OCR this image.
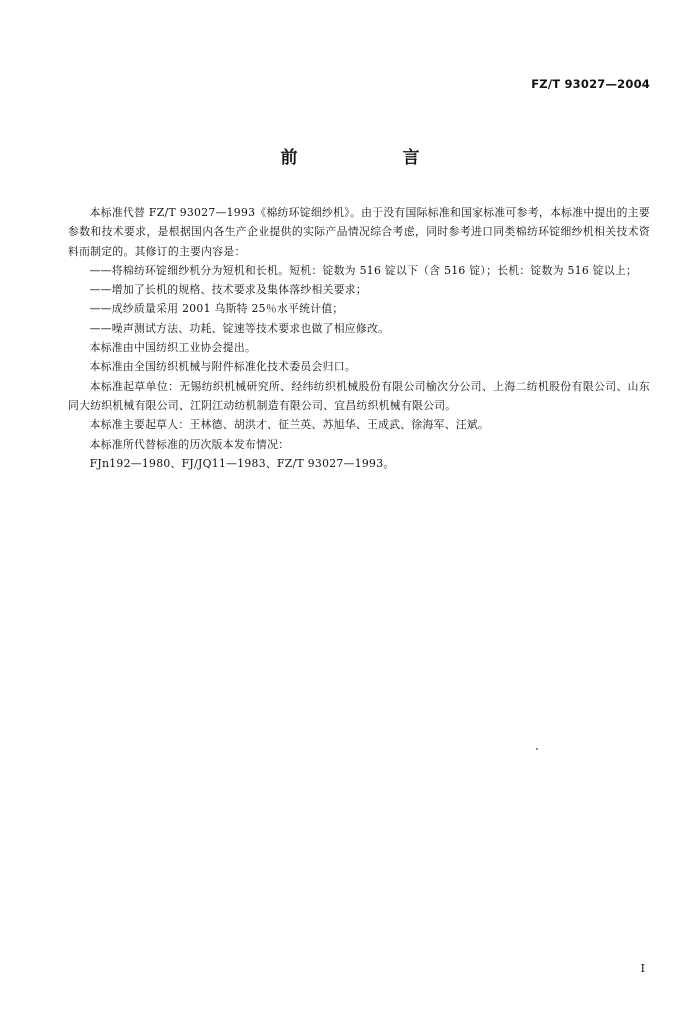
FZ/T 93027—2004
前　言

本标准代替 FZ/T 93027—1993《棉纺环锭细纱机》。由于没有国际标准和国家标准可参考，本标准中提出的主要参数和技术要求，是根据国内各生产企业提供的实际产品情况综合考虑，同时参考进口同类棉纺环锭细纱机相关技术资料而制定的。其修订的主要内容是：

——将棉纺环锭细纱机分为短机和长机。短机：锭数为 516 锭以下（含 516 锭）；长机：锭数为 516 锭以上；

——增加了长机的规格、技术要求及集体落纱相关要求；

——成纱质量采用 2001 乌斯特 25％水平统计值；

——噪声测试方法、功耗、锭速等技术要求也做了相应修改。

本标准由中国纺织工业协会提出。

本标准由全国纺织机械与附件标准化技术委员会归口。

本标准起草单位：无锡纺织机械研究所、经纬纺织机械股份有限公司榆次分公司、上海二纺机股份有限公司、山东同大纺织机械有限公司、江阴江动纺机制造有限公司、宜昌纺织机械有限公司。

本标准主要起草人：王林德、胡洪才、征兰英、苏旭华、王成武、徐海军、汪斌。

本标准所代替标准的历次版本发布情况：

FJn192—1980、FJ/JQ11—1983、FZ/T 93027—1993。

I
